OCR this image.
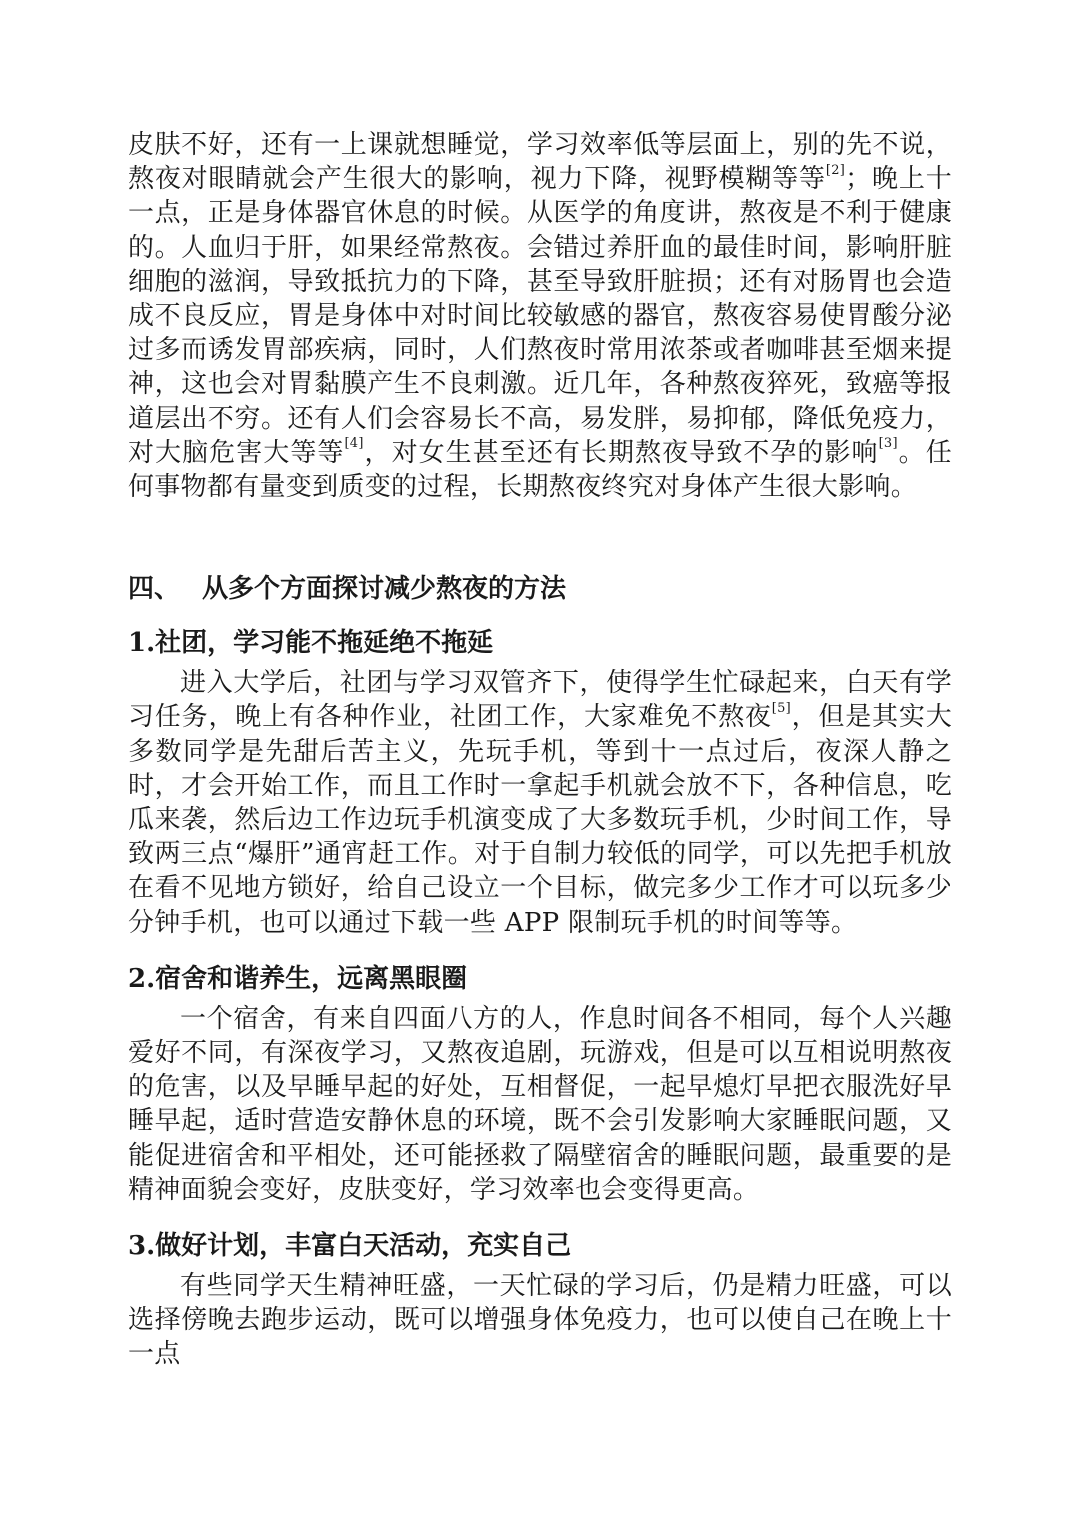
皮肤不好，还有一上课就想睡觉，学习效率低等层面上，别的先不说，熬夜对眼睛就会产生很大的影响，视力下降，视野模糊等等[2]；晚上十一点，正是身体器官休息的时候。从医学的角度讲，熬夜是不利于健康的。人血归于肝，如果经常熬夜。会错过养肝血的最佳时间，影响肝脏细胞的滋润，导致抵抗力的下降，甚至导致肝脏损；还有对肠胃也会造成不良反应，胃是身体中对时间比较敏感的器官，熬夜容易使胃酸分泌过多而诱发胃部疾病，同时，人们熬夜时常用浓茶或者咖啡甚至烟来提神，这也会对胃黏膜产生不良刺激。近几年，各种熬夜猝死，致癌等报道层出不穷。还有人们会容易长不高，易发胖，易抑郁，降低免疫力，对大脑危害大等等[4]，对女生甚至还有长期熬夜导致不孕的影响[3]。任何事物都有量变到质变的过程，长期熬夜终究对身体产生很大影响。

四、 从多个方面探讨减少熬夜的方法
1.社团，学习能不拖延绝不拖延

进入大学后，社团与学习双管齐下，使得学生忙碌起来，白天有学习任务，晚上有各种作业，社团工作，大家难免不熬夜[5]，但是其实大多数同学是先甜后苦主义，先玩手机，等到十一点过后，夜深人静之时，才会开始工作，而且工作时一拿起手机就会放不下，各种信息，吃瓜来袭，然后边工作边玩手机演变成了大多数玩手机，少时间工作，导致两三点“爆肝”通宵赶工作。对于自制力较低的同学，可以先把手机放在看不见地方锁好，给自己设立一个目标，做完多少工作才可以玩多少分钟手机，也可以通过下载一些 APP 限制玩手机的时间等等。

2.宿舍和谐养生，远离黑眼圈

一个宿舍，有来自四面八方的人，作息时间各不相同，每个人兴趣爱好不同，有深夜学习，又熬夜追剧，玩游戏，但是可以互相说明熬夜的危害，以及早睡早起的好处，互相督促，一起早熄灯早把衣服洗好早睡早起，适时营造安静休息的环境，既不会引发影响大家睡眠问题，又能促进宿舍和平相处，还可能拯救了隔壁宿舍的睡眠问题，最重要的是精神面貌会变好，皮肤变好，学习效率也会变得更高。

3.做好计划，丰富白天活动，充实自己

有些同学天生精神旺盛，一天忙碌的学习后，仍是精力旺盛，可以选择傍晚去跑步运动，既可以增强身体免疫力，也可以使自己在晚上十一点
